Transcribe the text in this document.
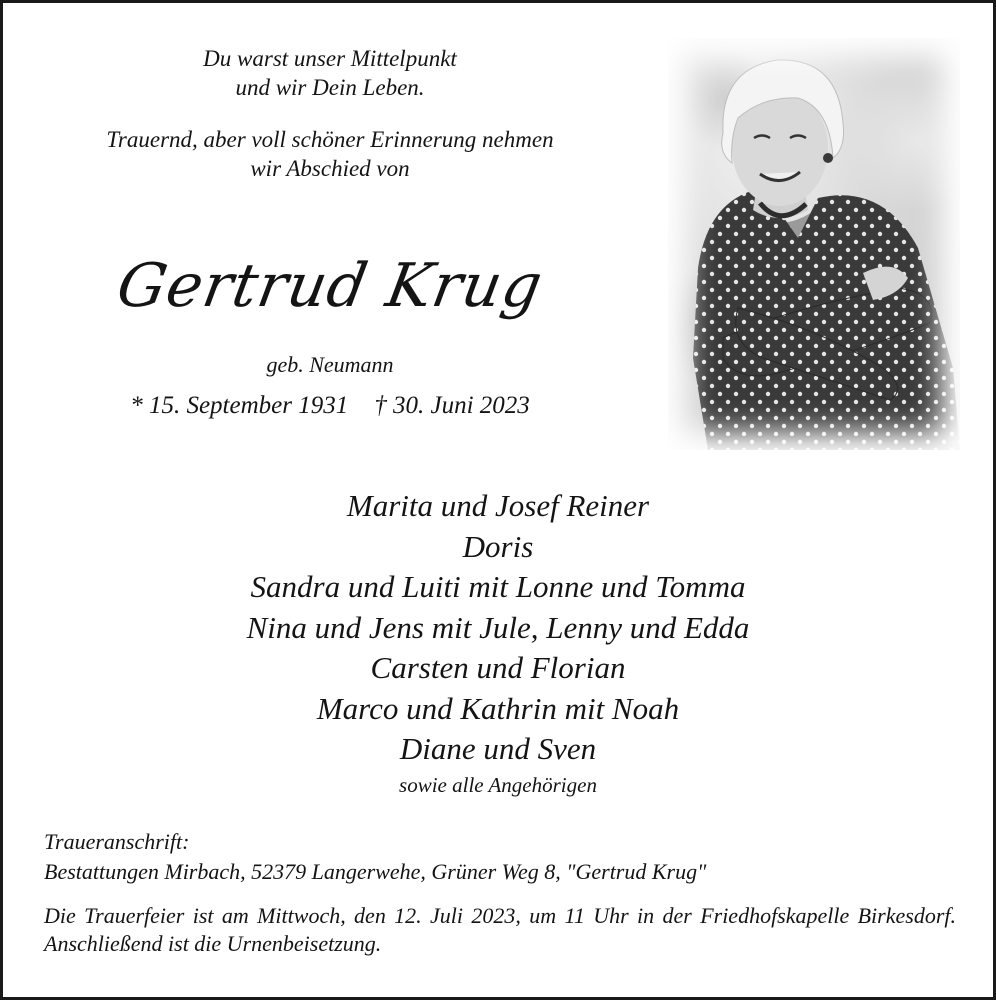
Du warst unser Mittelpunkt
und wir Dein Leben.
Trauernd, aber voll schöner Erinnerung nehmen
wir Abschied von
Gertrud Krug
geb. Neumann
* 15. September 1931 † 30. Juni 2023
Marita und Josef Reiner
Doris
Sandra und Luiti mit Lonne und Tomma
Nina und Jens mit Jule, Lenny und Edda
Carsten und Florian
Marco und Kathrin mit Noah
Diane und Sven
sowie alle Angehörigen
Traueranschrift:
Bestattungen Mirbach, 52379 Langerwehe, Grüner Weg 8, "Gertrud Krug"
Die Trauerfeier ist am Mittwoch, den 12. Juli 2023, um 11 Uhr in der Friedhofskapelle Birkesdorf. Anschließend ist die Urnenbeisetzung.
